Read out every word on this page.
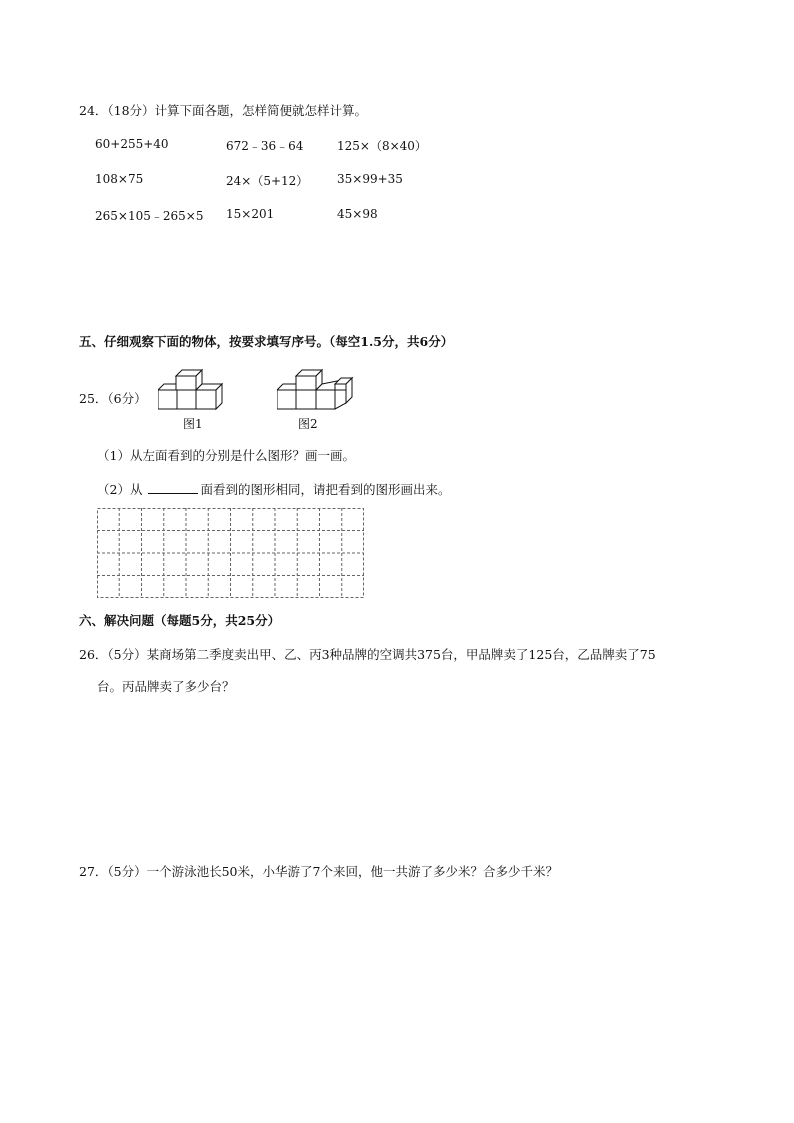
24．（18分）计算下面各题，怎样简便就怎样计算。
60+255+40	672﹣36﹣64	125×（8×40）
108×75	24×（5+12） 35×99+35
265×105﹣265×5 15×201	45×98
五、仔细观察下面的物体，按要求填写序号。（每空1.5分，共6分）
25．（6分）
图1	图2
（1）从左面看到的分别是什么图形？画一画。
（2）从	面看到的图形相同，请把看到的图形画出来。
六、解决问题（每题5分，共25分）
26．（5分）某商场第二季度卖出甲、乙、丙3种品牌的空调共375台，甲品牌卖了125台，乙品牌卖了75
台。丙品牌卖了多少台？
27．（5分）一个游泳池长50米，小华游了7个来回，他一共游了多少米？合多少千米？
